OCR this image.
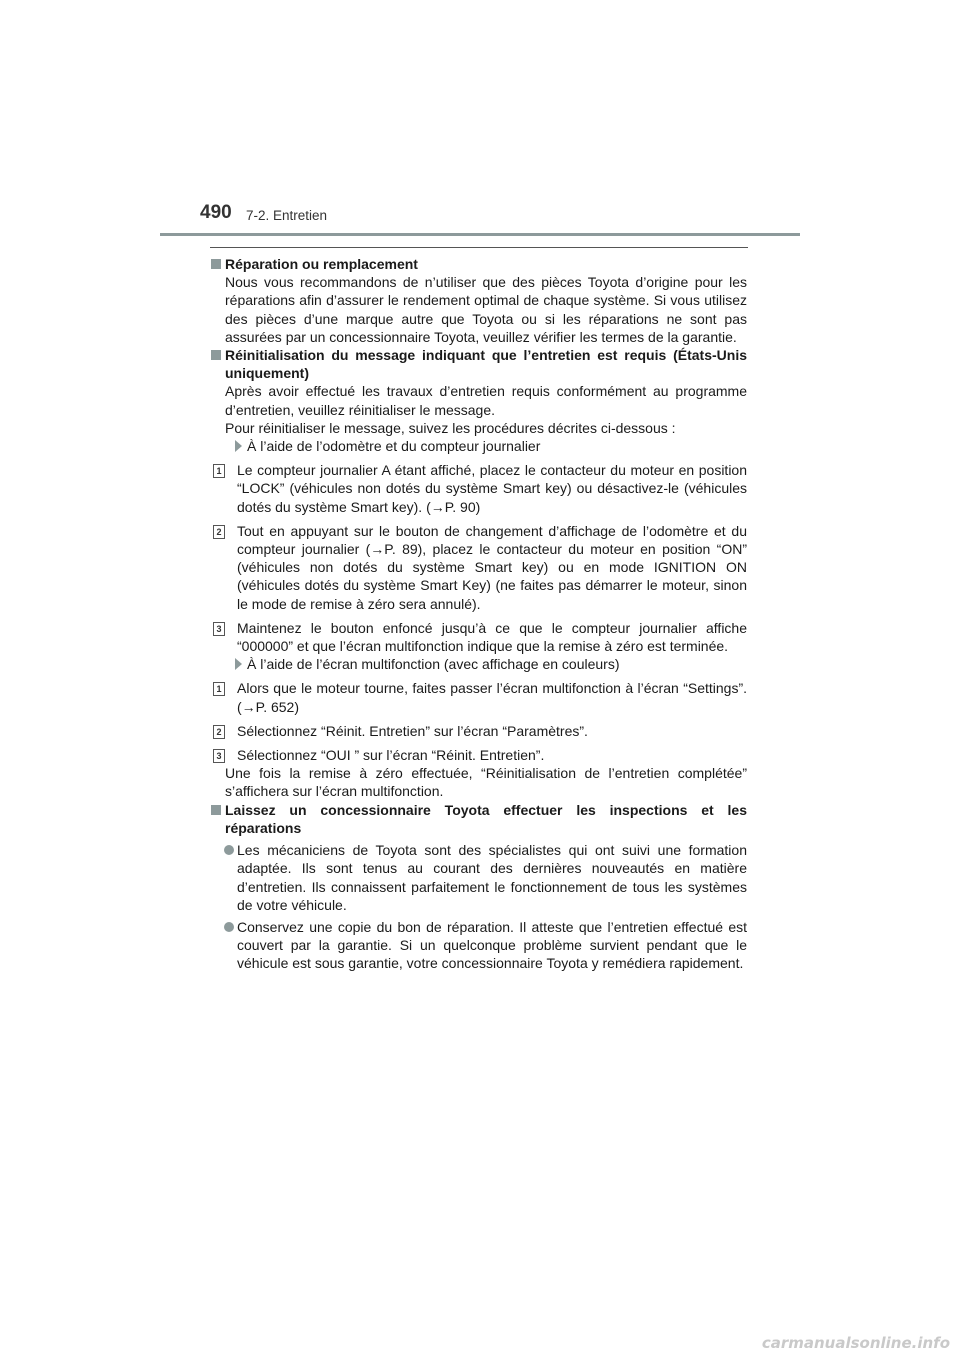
490 7-2. Entretien

Réparation ou remplacement

Nous vous recommandons de n’utiliser que des pièces Toyota d’origine pour les réparations afin d’assurer le rendement optimal de chaque système. Si vous utilisez des pièces d’une marque autre que Toyota ou si les réparations ne sont pas assurées par un concessionnaire Toyota, veuillez vérifier les termes de la garantie.

Réinitialisation du message indiquant que l’entretien est requis (États-Unis uniquement)

Après avoir effectué les travaux d’entretien requis conformément au programme d’entretien, veuillez réinitialiser le message.

Pour réinitialiser le message, suivez les procédures décrites ci-dessous :

À l’aide de l’odomètre et du compteur journalier

1 Le compteur journalier A étant affiché, placez le contacteur du moteur en position “LOCK” (véhicules non dotés du système Smart key) ou désactivez-le (véhicules dotés du système Smart key). (→P. 90)
2 Tout en appuyant sur le bouton de changement d’affichage de l’odomètre et du compteur journalier (→P. 89), placez le contacteur du moteur en position “ON” (véhicules non dotés du système Smart key) ou en mode IGNITION ON (véhicules dotés du système Smart Key) (ne faites pas démarrer le moteur, sinon le mode de remise à zéro sera annulé).
3 Maintenez le bouton enfoncé jusqu’à ce que le compteur journalier affiche “000000” et que l’écran multifonction indique que la remise à zéro est terminée.

À l’aide de l’écran multifonction (avec affichage en couleurs)

1 Alors que le moteur tourne, faites passer l’écran multifonction à l’écran “Settings”. (→P. 652)
2 Sélectionnez “Réinit. Entretien” sur l’écran “Paramètres”.
3 Sélectionnez “OUI ” sur l’écran “Réinit. Entretien”.

Une fois la remise à zéro effectuée, “Réinitialisation de l’entretien complétée” s’affichera sur l’écran multifonction.

Laissez un concessionnaire Toyota effectuer les inspections et les réparations

Les mécaniciens de Toyota sont des spécialistes qui ont suivi une formation adaptée. Ils sont tenus au courant des dernières nouveautés en matière d’entretien. Ils connaissent parfaitement le fonctionnement de tous les systèmes de votre véhicule.
Conservez une copie du bon de réparation. Il atteste que l’entretien effectué est couvert par la garantie. Si un quelconque problème survient pendant que le véhicule est sous garantie, votre concessionnaire Toyota y remédiera rapidement.
carmanualsonline.info
